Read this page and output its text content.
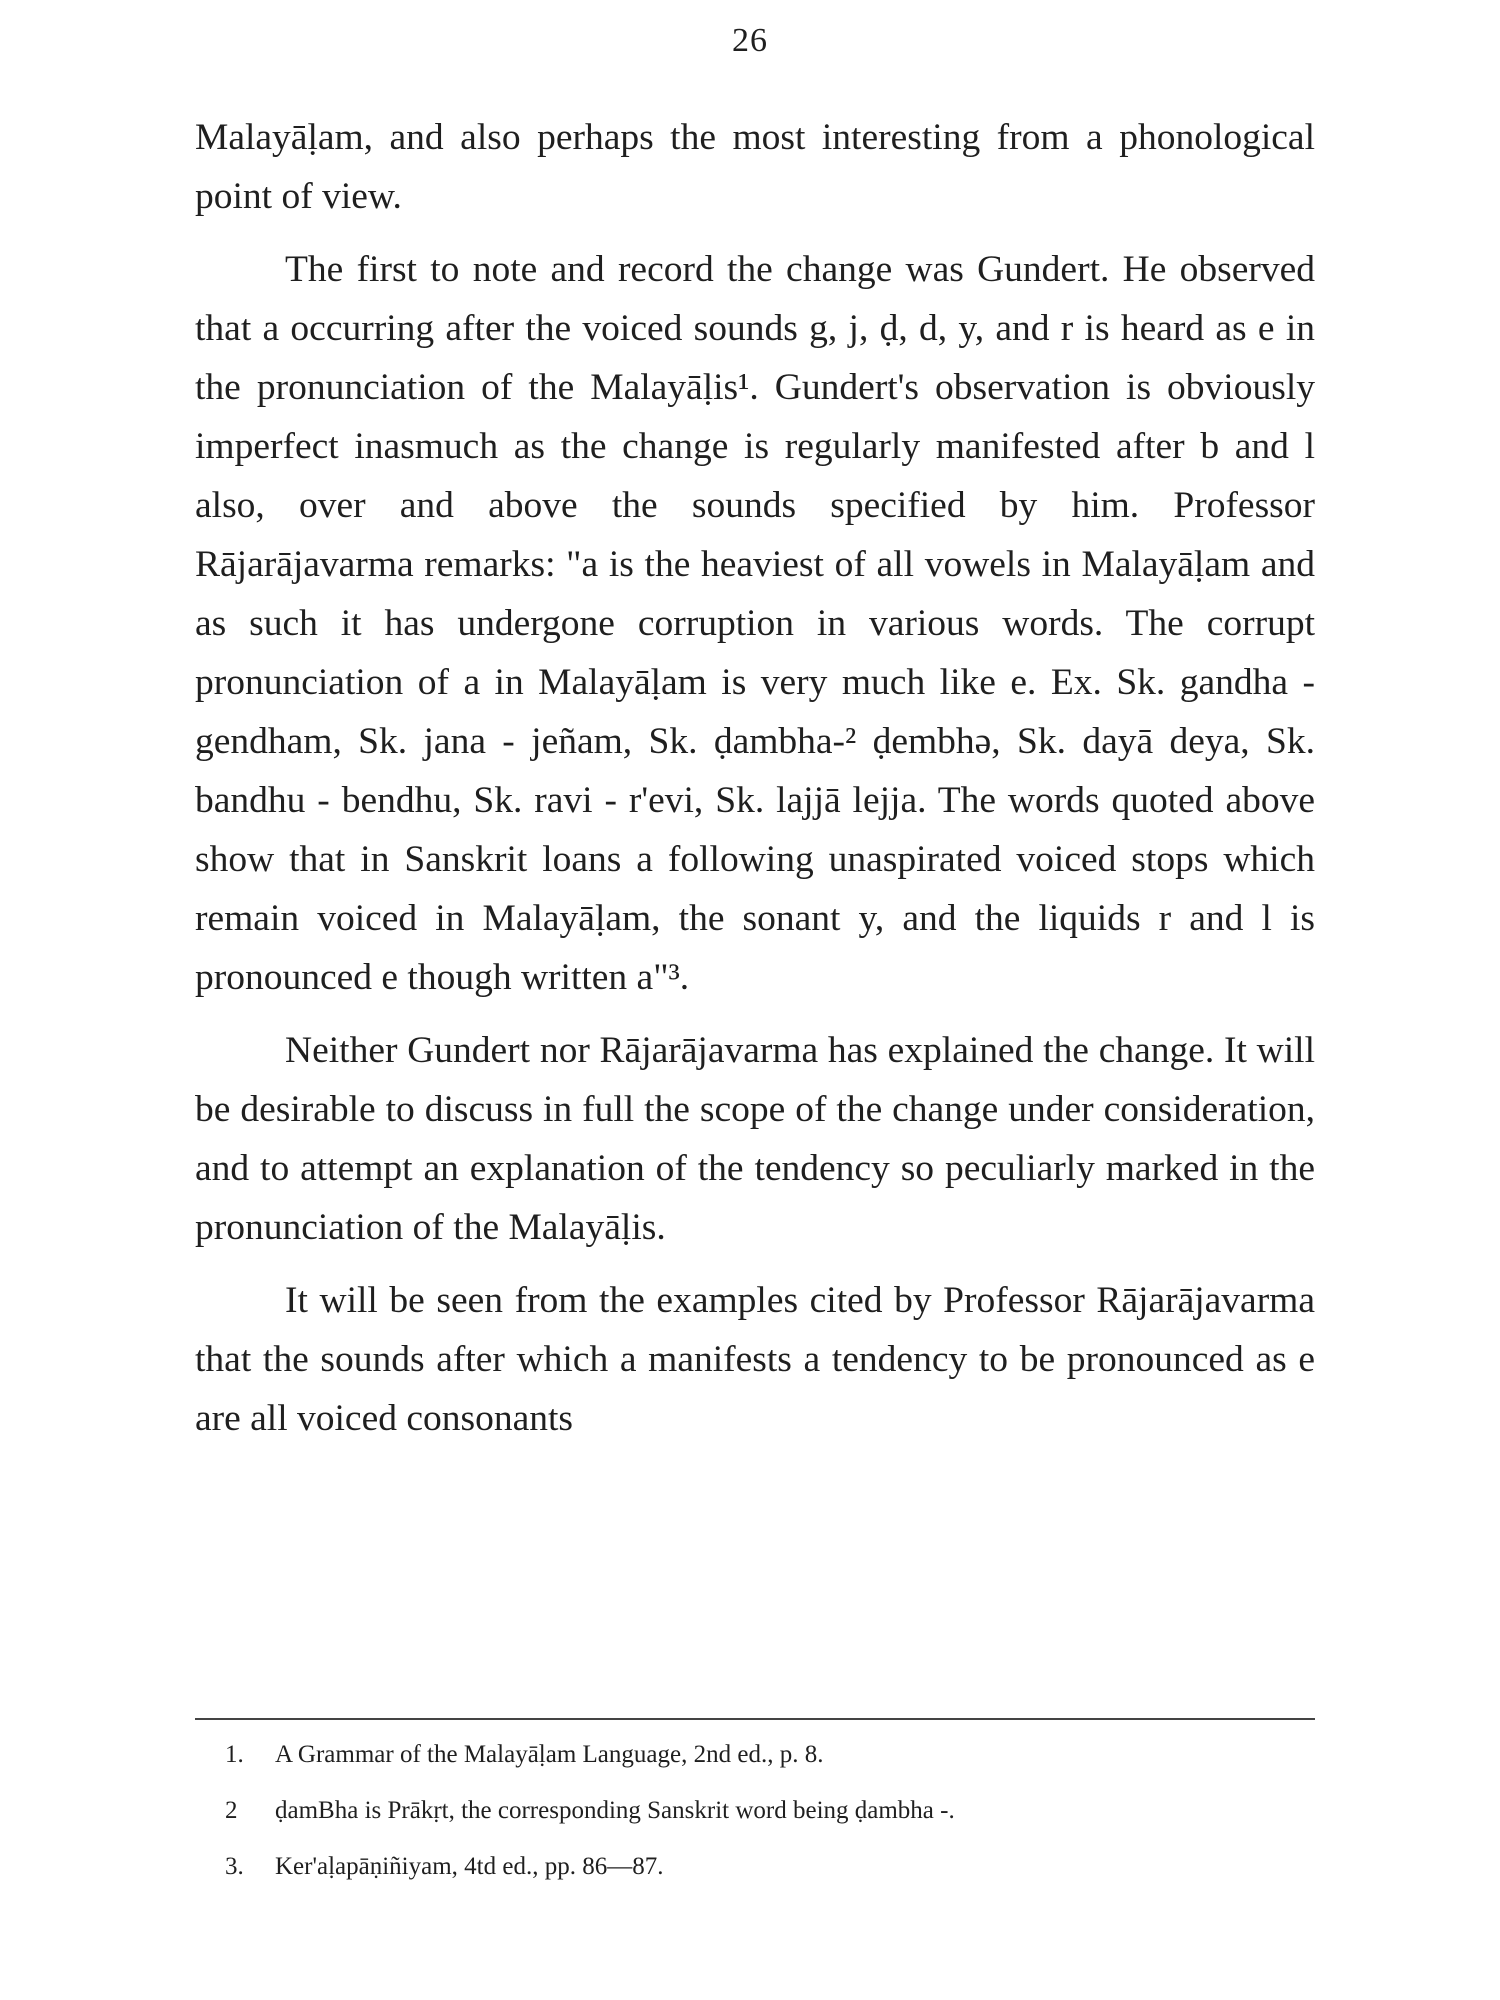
26

Malayāḷam, and also perhaps the most interesting from a phonological point of view.

The first to note and record the change was Gundert. He observed that a occurring after the voiced sounds g, j, ḍ, d, y, and r is heard as e in the pronunciation of the Malayāḷis¹. Gundert's observation is obviously imperfect inasmuch as the change is regularly manifested after b and l also, over and above the sounds specified by him. Professor Rājarājavarma remarks: "a is the heaviest of all vowels in Malayāḷam and as such it has undergone corruption in various words. The corrupt pronunciation of a in Malayāḷam is very much like e. Ex. Sk. gandha - gendham, Sk. jana - jeñam, Sk. ḍambha-² ḍembhə, Sk. dayā deya, Sk. bandhu - bendhu, Sk. ravi - r'evi, Sk. lajjā lejja. The words quoted above show that in Sanskrit loans a following unaspirated voiced stops which remain voiced in Malayāḷam, the sonant y, and the liquids r and l is pronounced e though written a"³.

Neither Gundert nor Rājarājavarma has explained the change. It will be desirable to discuss in full the scope of the change under consideration, and to attempt an explanation of the tendency so peculiarly marked in the pronunciation of the Malayāḷis.

It will be seen from the examples cited by Professor Rājarājavarma that the sounds after which a manifests a tendency to be pronounced as e are all voiced consonants

1.	A Grammar of the Malayāḷam Language, 2nd ed., p. 8.
2	ḍamBha is Prākṛt, the corresponding Sanskrit word being ḍambha -.
3.	Ker'aḷapāṇiñiyam, 4td ed., pp. 86—87.
